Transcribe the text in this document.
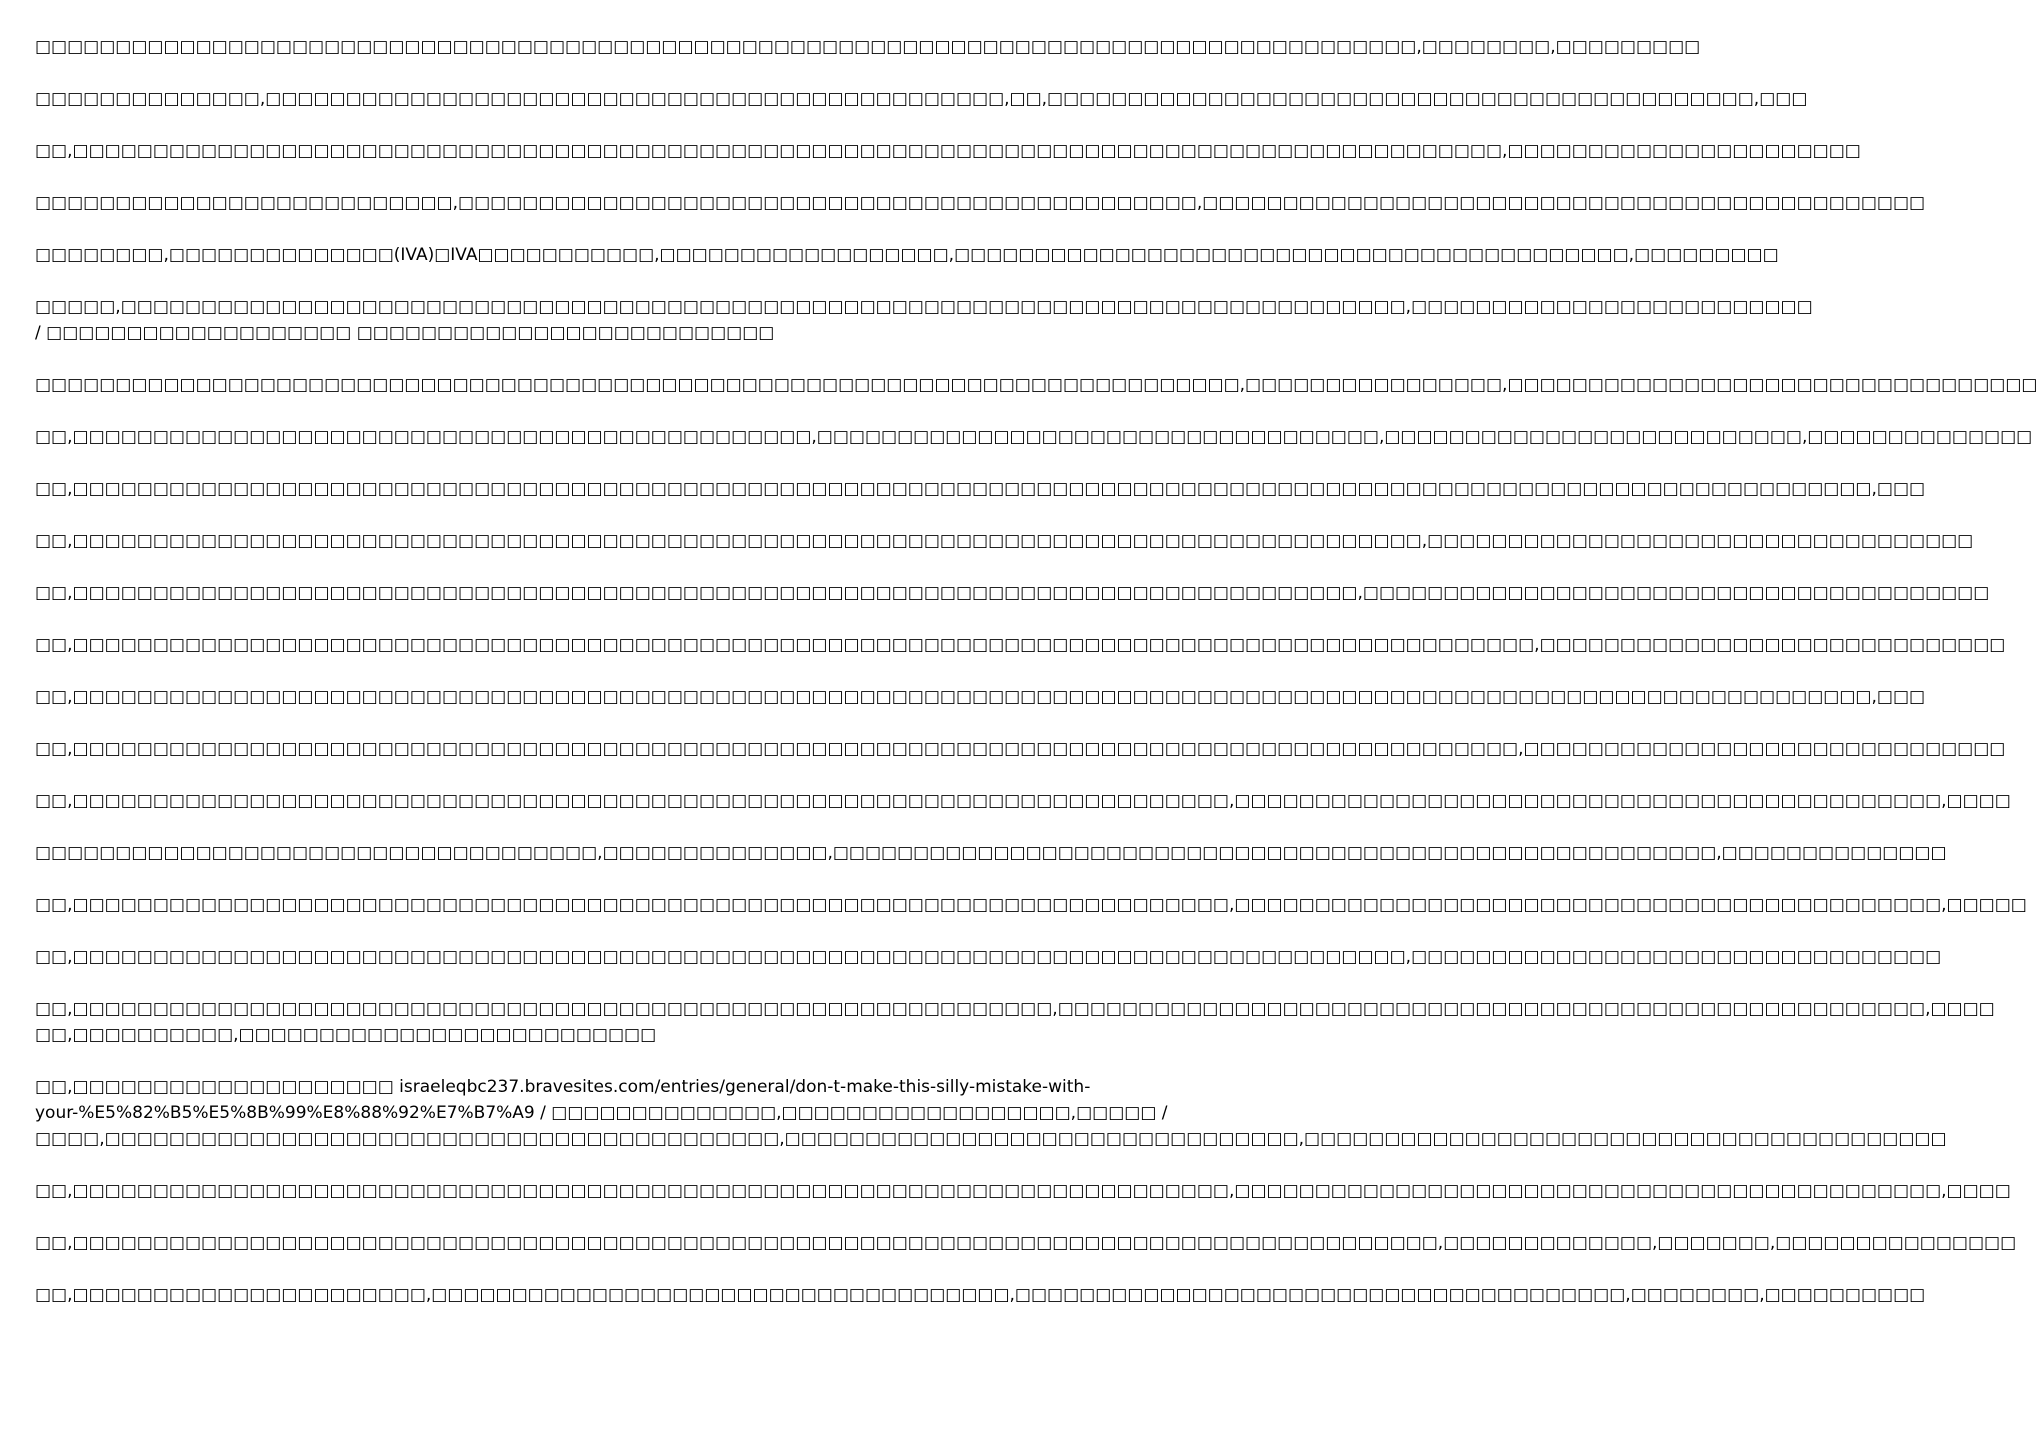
□□□□□□□□□□□□□□□□□□□□□□□□□□□□□□□□□□□□□□□□□□□□□□□□□□□□□□□□□□□□□□□□□□□□□□□□□□□□□□□□□□□□□□,□□□□□□□□,□□□□□□□□□

□□□□□□□□□□□□□□,□□□□□□□□□□□□□□□□□□□□□□□□□□□□□□□□□□□□□□□□□□□□□□,□□,□□□□□□□□□□□□□□□□□□□□□□□□□□□□□□□□□□□□□□□□□□□□,□□□

□□,□□□□□□□□□□□□□□□□□□□□□□□□□□□□□□□□□□□□□□□□□□□□□□□□□□□□□□□□□□□□□□□□□□□□□□□□□□□□□□□□□□□□□□□□□,□□□□□□□□□□□□□□□□□□□□□□

□□□□□□□□□□□□□□□□□□□□□□□□□□,□□□□□□□□□□□□□□□□□□□□□□□□□□□□□□□□□□□□□□□□□□□□□□,□□□□□□□□□□□□□□□□□□□□□□□□□□□□□□□□□□□□□□□□□□□□□

□□□□□□□□,□□□□□□□□□□□□□□(IVA)□IVA□□□□□□□□□□□,□□□□□□□□□□□□□□□□□□,□□□□□□□□□□□□□□□□□□□□□□□□□□□□□□□□□□□□□□□□□□,□□□□□□□□□

□□□□□,□□□□□□□□□□□□□□□□□□□□□□□□□□□□□□□□□□□□□□□□□□□□□□□□□□□□□□□□□□□□□□□□□□□□□□□□□□□□□□□□,□□□□□□□□□□□□□□□□□□□□□□□□□
/ □□□□□□□□□□□□□□□□□□□ □□□□□□□□□□□□□□□□□□□□□□□□□□

□□□□□□□□□□□□□□□□□□□□□□□□□□□□□□□□□□□□□□□□□□□□□□□□□□□□□□□□□□□□□□□□□□□□□□□□□□□,□□□□□□□□□□□□□□□□,□□□□□□□□□□□□□□□□□□□□□□□□□□□□□□□□□

□□,□□□□□□□□□□□□□□□□□□□□□□□□□□□□□□□□□□□□□□□□□□□□□□,□□□□□□□□□□□□□□□□□□□□□□□□□□□□□□□□□□□,□□□□□□□□□□□□□□□□□□□□□□□□□□,□□□□□□□□□□□□□□

□□,□□□□□□□□□□□□□□□□□□□□□□□□□□□□□□□□□□□□□□□□□□□□□□□□□□□□□□□□□□□□□□□□□□□□□□□□□□□□□□□□□□□□□□□□□□□□□□□□□□□□□□□□□□□□□□□□,□□□

□□,□□□□□□□□□□□□□□□□□□□□□□□□□□□□□□□□□□□□□□□□□□□□□□□□□□□□□□□□□□□□□□□□□□□□□□□□□□□□□□□□□□□□,□□□□□□□□□□□□□□□□□□□□□□□□□□□□□□□□□□

□□,□□□□□□□□□□□□□□□□□□□□□□□□□□□□□□□□□□□□□□□□□□□□□□□□□□□□□□□□□□□□□□□□□□□□□□□□□□□□□□□□,□□□□□□□□□□□□□□□□□□□□□□□□□□□□□□□□□□□□□□□

□□,□□□□□□□□□□□□□□□□□□□□□□□□□□□□□□□□□□□□□□□□□□□□□□□□□□□□□□□□□□□□□□□□□□□□□□□□□□□□□□□□□□□□□□□□□□□,□□□□□□□□□□□□□□□□□□□□□□□□□□□□□

□□,□□□□□□□□□□□□□□□□□□□□□□□□□□□□□□□□□□□□□□□□□□□□□□□□□□□□□□□□□□□□□□□□□□□□□□□□□□□□□□□□□□□□□□□□□□□□□□□□□□□□□□□□□□□□□□□□,□□□

□□,□□□□□□□□□□□□□□□□□□□□□□□□□□□□□□□□□□□□□□□□□□□□□□□□□□□□□□□□□□□□□□□□□□□□□□□□□□□□□□□□□□□□□□□□□□,□□□□□□□□□□□□□□□□□□□□□□□□□□□□□□

□□,□□□□□□□□□□□□□□□□□□□□□□□□□□□□□□□□□□□□□□□□□□□□□□□□□□□□□□□□□□□□□□□□□□□□□□□□,□□□□□□□□□□□□□□□□□□□□□□□□□□□□□□□□□□□□□□□□□□□□,□□□□

□□□□□□□□□□□□□□□□□□□□□□□□□□□□□□□□□□□,□□□□□□□□□□□□□□,□□□□□□□□□□□□□□□□□□□□□□□□□□□□□□□□□□□□□□□□□□□□□□□□□□□□□□□,□□□□□□□□□□□□□□

□□,□□□□□□□□□□□□□□□□□□□□□□□□□□□□□□□□□□□□□□□□□□□□□□□□□□□□□□□□□□□□□□□□□□□□□□□□,□□□□□□□□□□□□□□□□□□□□□□□□□□□□□□□□□□□□□□□□□□□□,□□□□□

□□,□□□□□□□□□□□□□□□□□□□□□□□□□□□□□□□□□□□□□□□□□□□□□□□□□□□□□□□□□□□□□□□□□□□□□□□□□□□□□□□□□□□,□□□□□□□□□□□□□□□□□□□□□□□□□□□□□□□□□

□□,□□□□□□□□□□□□□□□□□□□□□□□□□□□□□□□□□□□□□□□□□□□□□□□□□□□□□□□□□□□□□,□□□□□□□□□□□□□□□□□□□□□□□□□□□□□□□□□□□□□□□□□□□□□□□□□□□□□□,□□□□
□□,□□□□□□□□□□,□□□□□□□□□□□□□□□□□□□□□□□□□□

□□,□□□□□□□□□□□□□□□□□□□□ israeleqbc237.bravesites.com/entries/general/don-t-make-this-silly-mistake-with-
your-%E5%82%B5%E5%8B%99%E8%88%92%E7%B7%A9 / □□□□□□□□□□□□□□,□□□□□□□□□□□□□□□□□□,□□□□□ /
□□□□,□□□□□□□□□□□□□□□□□□□□□□□□□□□□□□□□□□□□□□□□□□,□□□□□□□□□□□□□□□□□□□□□□□□□□□□□□□□,□□□□□□□□□□□□□□□□□□□□□□□□□□□□□□□□□□□□□□□□

□□,□□□□□□□□□□□□□□□□□□□□□□□□□□□□□□□□□□□□□□□□□□□□□□□□□□□□□□□□□□□□□□□□□□□□□□□□,□□□□□□□□□□□□□□□□□□□□□□□□□□□□□□□□□□□□□□□□□□□□,□□□□

□□,□□□□□□□□□□□□□□□□□□□□□□□□□□□□□□□□□□□□□□□□□□□□□□□□□□□□□□□□□□□□□□□□□□□□□□□□□□□□□□□□□□□□□,□□□□□□□□□□□□□,□□□□□□□,□□□□□□□□□□□□□□□

□□,□□□□□□□□□□□□□□□□□□□□□□,□□□□□□□□□□□□□□□□□□□□□□□□□□□□□□□□□□□□,□□□□□□□□□□□□□□□□□□□□□□□□□□□□□□□□□□□□□□,□□□□□□□□,□□□□□□□□□□
